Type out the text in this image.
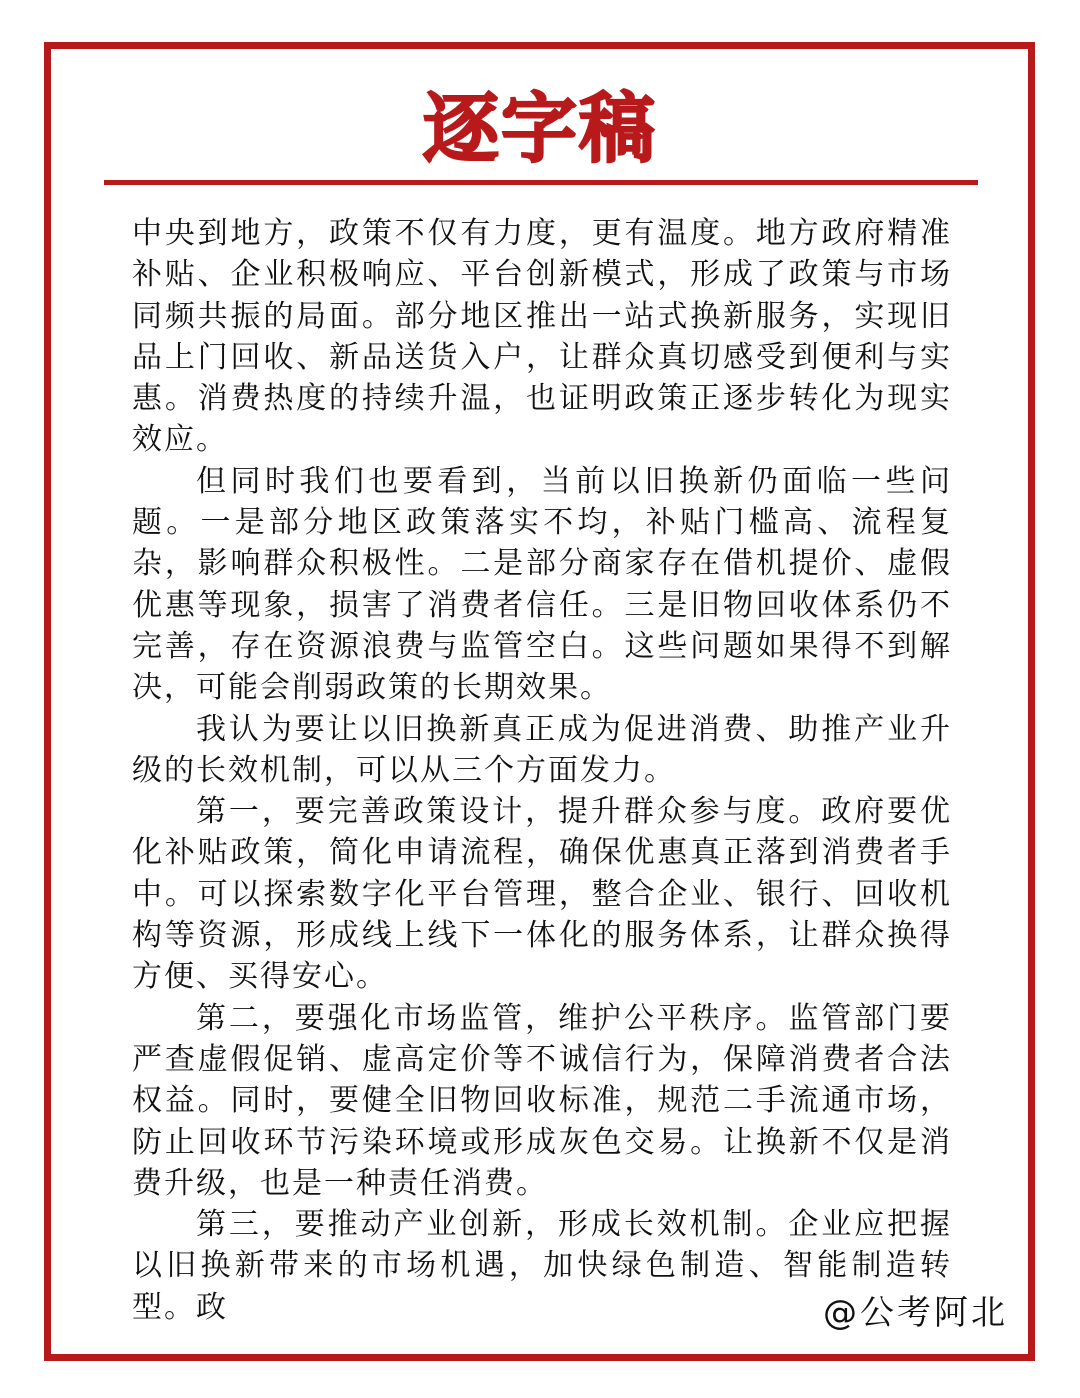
逐字稿

中央到地方，政策不仅有力度，更有温度。地方政府精准补贴、企业积极响应、平台创新模式，形成了政策与市场同频共振的局面。部分地区推出一站式换新服务，实现旧品上门回收、新品送货入户，让群众真切感受到便利与实惠。消费热度的持续升温，也证明政策正逐步转化为现实效应。

但同时我们也要看到，当前以旧换新仍面临一些问题。一是部分地区政策落实不均，补贴门槛高、流程复杂，影响群众积极性。二是部分商家存在借机提价、虚假优惠等现象，损害了消费者信任。三是旧物回收体系仍不完善，存在资源浪费与监管空白。这些问题如果得不到解决，可能会削弱政策的长期效果。

我认为要让以旧换新真正成为促进消费、助推产业升级的长效机制，可以从三个方面发力。

第一，要完善政策设计，提升群众参与度。政府要优化补贴政策，简化申请流程，确保优惠真正落到消费者手中。可以探索数字化平台管理，整合企业、银行、回收机构等资源，形成线上线下一体化的服务体系，让群众换得方便、买得安心。

第二，要强化市场监管，维护公平秩序。监管部门要严查虚假促销、虚高定价等不诚信行为，保障消费者合法权益。同时，要健全旧物回收标准，规范二手流通市场，防止回收环节污染环境或形成灰色交易。让换新不仅是消费升级，也是一种责任消费。

第三，要推动产业创新，形成长效机制。企业应把握以旧换新带来的市场机遇，加快绿色制造、智能制造转型。政	@公考阿北
